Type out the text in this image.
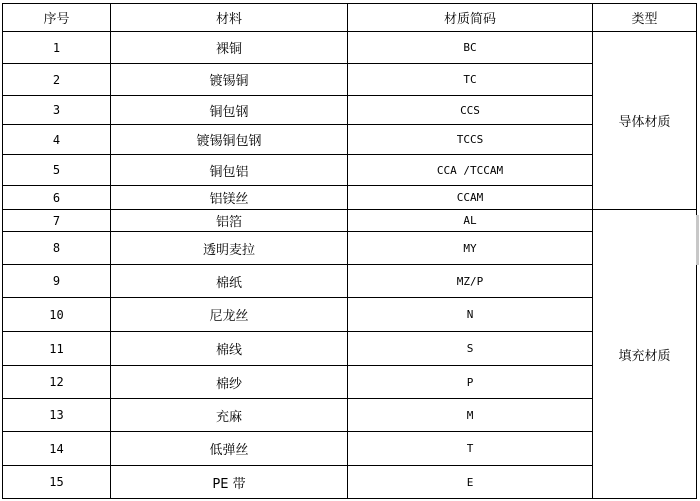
序号	材料	材质简码	类型
1	裸铜	BC	导体材质
2	镀锡铜	TC	
3	铜包钢	CCS	
4	镀锡铜包钢	TCCS	
5	铜包铝	CCA /TCCAM	
6	铝镁丝	CCAM	
7	铝箔	AL	填充材质
8	透明麦拉	MY	
9	棉纸	MZ/P	
10	尼龙丝	N	
11	棉线	S	
12	棉纱	P	
13	充麻	M	
14	低弹丝	T	
15	PE 带	E	
